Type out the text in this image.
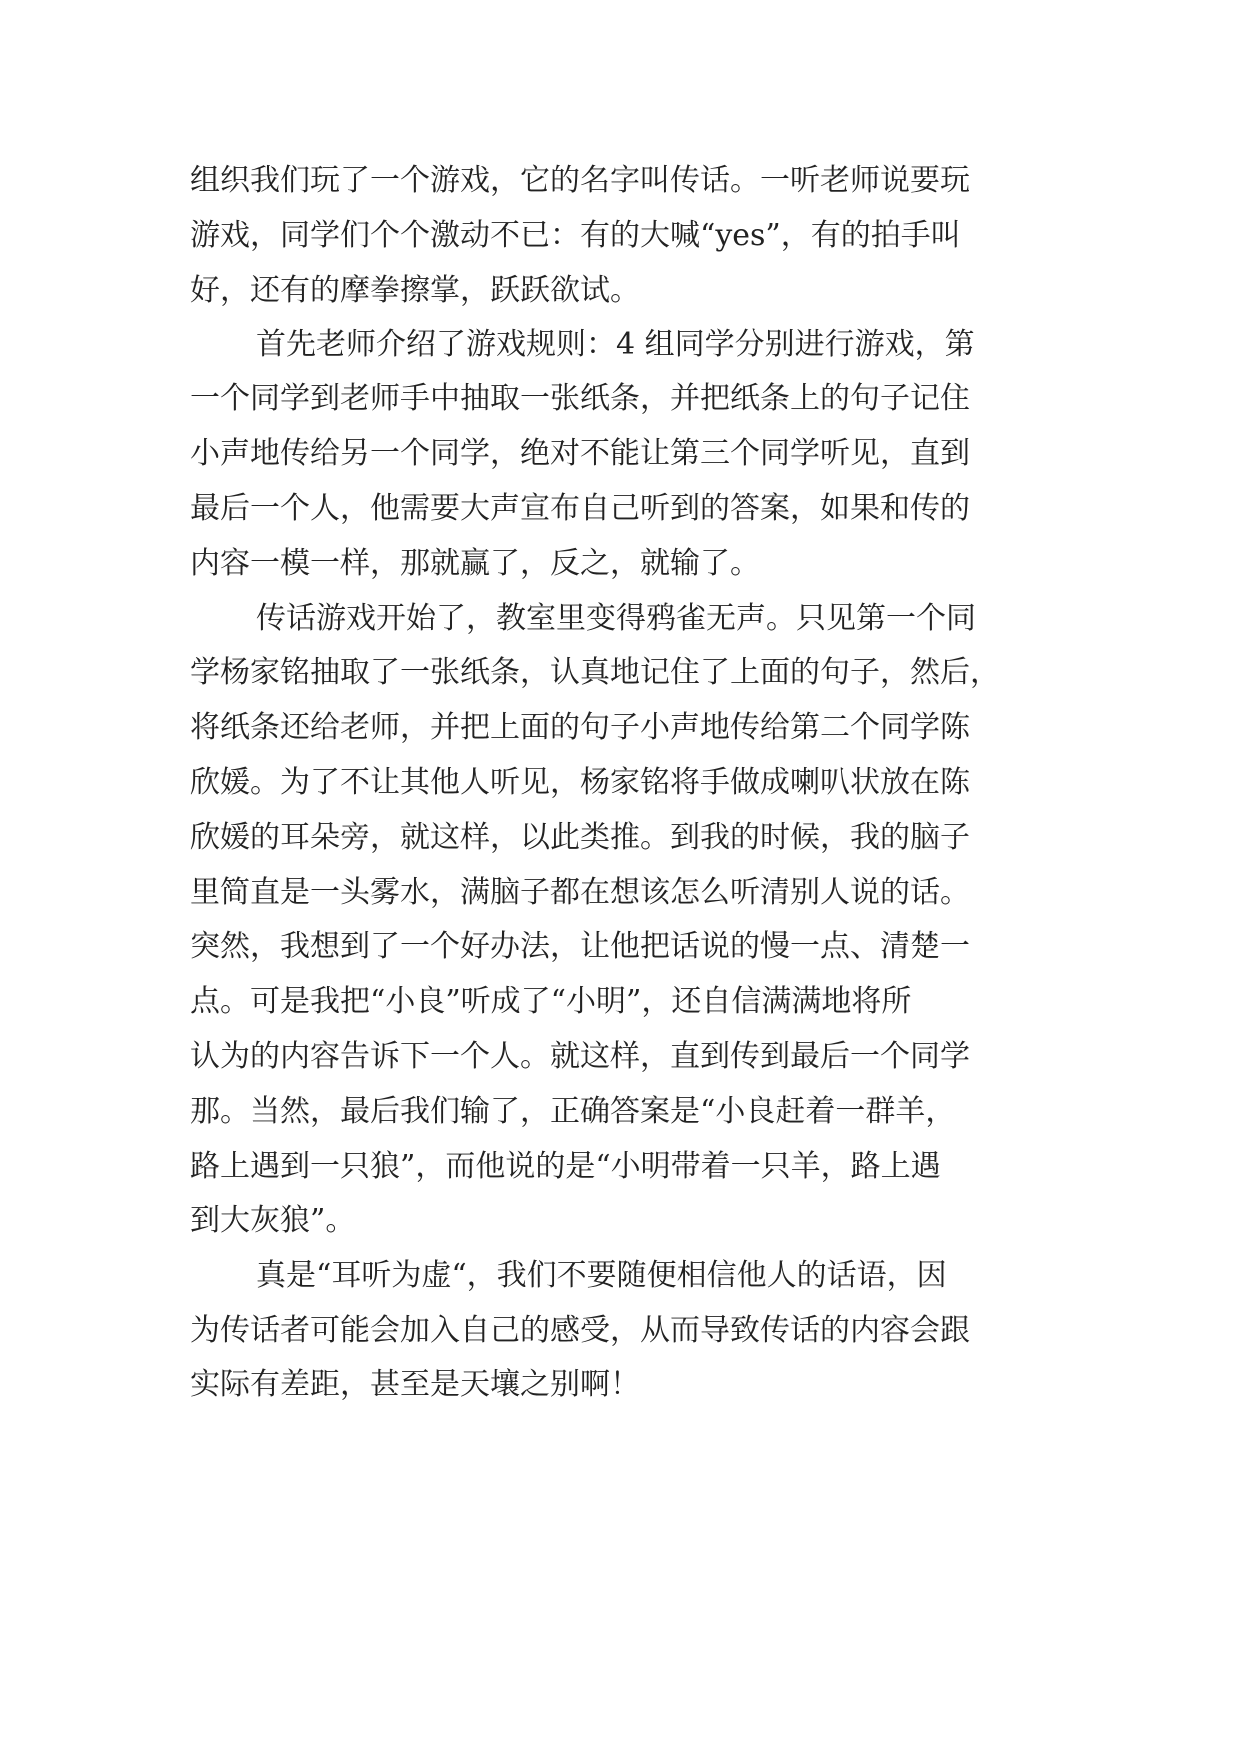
组织我们玩了一个游戏，它的名字叫传话。一听老师说要玩
游戏，同学们个个激动不已：有的大喊“yes”，有的拍手叫
好，还有的摩拳擦掌，跃跃欲试。
首先老师介绍了游戏规则：4 组同学分别进行游戏，第
一个同学到老师手中抽取一张纸条，并把纸条上的句子记住
小声地传给另一个同学，绝对不能让第三个同学听见，直到
最后一个人，他需要大声宣布自己听到的答案，如果和传的
内容一模一样，那就赢了，反之，就输了。
传话游戏开始了，教室里变得鸦雀无声。只见第一个同
学杨家铭抽取了一张纸条，认真地记住了上面的句子，然后，
将纸条还给老师，并把上面的句子小声地传给第二个同学陈
欣媛。为了不让其他人听见，杨家铭将手做成喇叭状放在陈
欣媛的耳朵旁，就这样，以此类推。到我的时候，我的脑子
里简直是一头雾水，满脑子都在想该怎么听清别人说的话。
突然，我想到了一个好办法，让他把话说的慢一点、清楚一
点。可是我把“小良”听成了“小明”，还自信满满地将所
认为的内容告诉下一个人。就这样，直到传到最后一个同学
那。当然，最后我们输了，正确答案是“小良赶着一群羊，
路上遇到一只狼”，而他说的是“小明带着一只羊，路上遇
到大灰狼”。
真是“耳听为虚“，我们不要随便相信他人的话语，因
为传话者可能会加入自己的感受，从而导致传话的内容会跟
实际有差距，甚至是天壤之别啊！
